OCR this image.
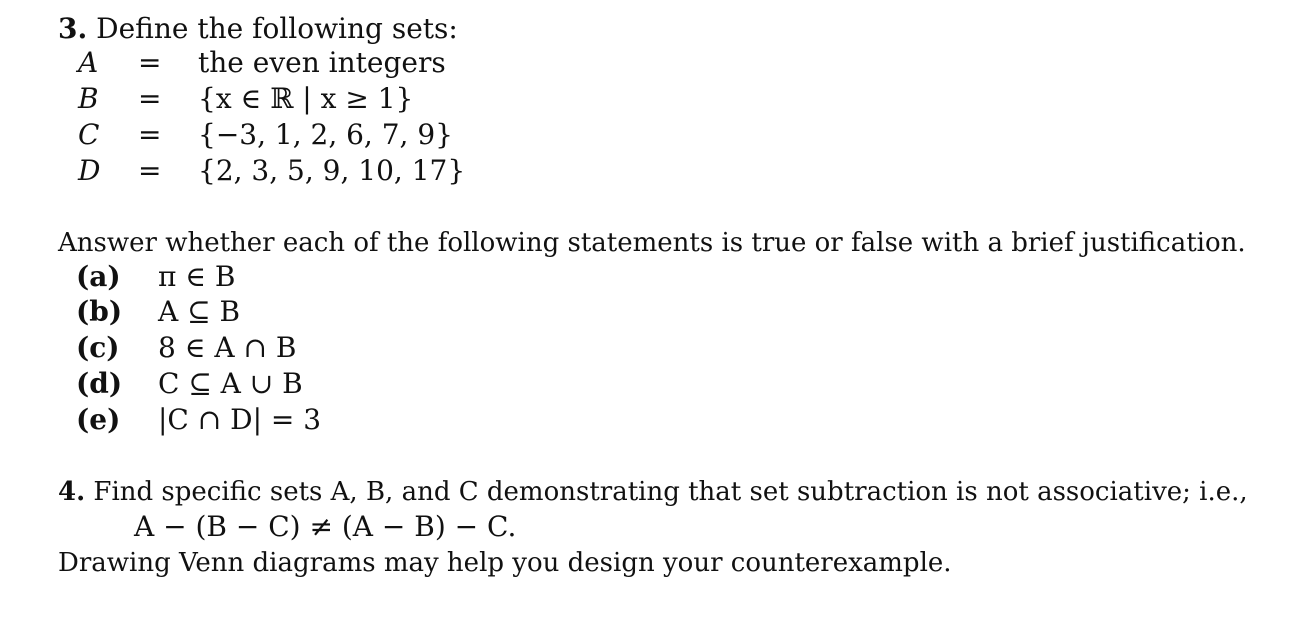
3. Define the following sets:
A = the even integers
B = {x ∈ ℝ | x ≥ 1}
C = {−3, 1, 2, 6, 7, 9}
D = {2, 3, 5, 9, 10, 17}
Answer whether each of the following statements is true or false with a brief justification.
(a) π ∈ B
(b) A ⊆ B
(c) 8 ∈ A ∩ B
(d) C ⊆ A ∪ B
(e) |C ∩ D| = 3
4. Find specific sets A, B, and C demonstrating that set subtraction is not associative; i.e.,
A − (B − C) ≠ (A − B) − C.
Drawing Venn diagrams may help you design your counterexample.
